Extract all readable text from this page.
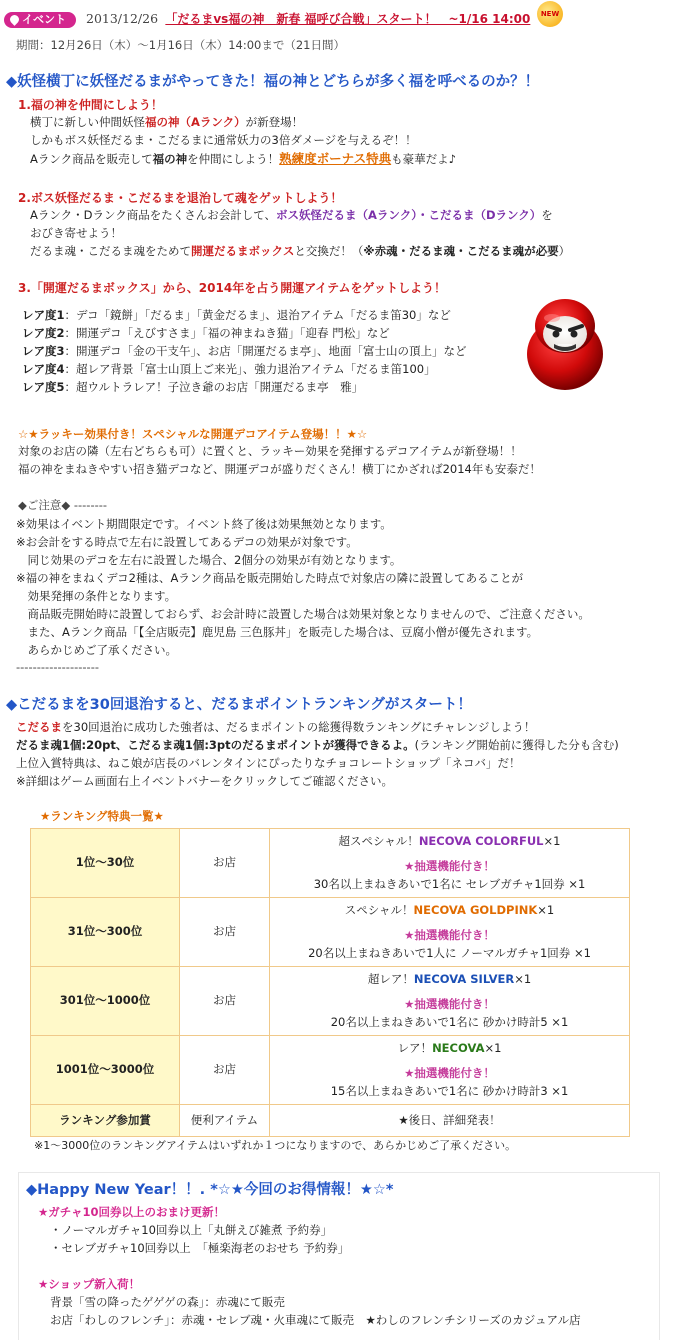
イベント	2013/12/26 「だるまvs福の神　新春 福呼び合戦」スタート！　~1/16 14:00	NEW
期間：12月26日（木）～1月16日（木）14:00まで（21日間）
◆妖怪横丁に妖怪だるまがやってきた！福の神とどちらが多く福を呼べるのか？！
1.福の神を仲間にしよう！
横丁に新しい仲間妖怪福の神（Aランク）が新登場！
しかもボス妖怪だるま・こだるまに通常妖力の3倍ダメージを与えるぞ！！
Aランク商品を販売して福の神を仲間にしよう！熟練度ボーナス特典も豪華だよ♪
2.ボス妖怪だるま・こだるまを退治して魂をゲットしよう！
Aランク・Dランク商品をたくさんお会計して、ボス妖怪だるま（Aランク）・こだるま（Dランク）を
おびき寄せよう！
だるま魂・こだるま魂をためて開運だるまボックスと交換だ！（※赤魂・だるま魂・こだるま魂が必要）
3.「開運だるまボックス」から、2014年を占う開運アイテムをゲットしよう！
レア度1：デコ「鏡餅」「だるま」「黄金だるま」、退治アイテム「だるま笛30」など
レア度2：開運デコ「えびすさま」「福の神まねき猫」「迎春 門松」など
レア度3：開運デコ「金の干支午」、お店「開運だるま亭」、地面「富士山の頂上」など
レア度4：超レア背景「富士山頂上ご来光」、強力退治アイテム「だるま笛100」
レア度5：超ウルトラレア！子泣き爺のお店「開運だるま亭　雅」
☆★ラッキー効果付き！スペシャルな開運デコアイテム登場！！★☆
対象のお店の隣（左右どちらも可）に置くと、ラッキー効果を発揮するデコアイテムが新登場！！
福の神をまねきやすい招き猫デコなど、開運デコが盛りだくさん！横丁にかざれば2014年も安泰だ！
◆ご注意◆ --------
※効果はイベント期間限定です。イベント終了後は効果無効となります。
※お会計をする時点で左右に設置してあるデコの効果が対象です。
　同じ効果のデコを左右に設置した場合、2個分の効果が有効となります。
※福の神をまねくデコ2種は、Aランク商品を販売開始した時点で対象店の隣に設置してあることが
　効果発揮の条件となります。
　商品販売開始時に設置しておらず、お会計時に設置した場合は効果対象となりませんので、ご注意ください。
　また、Aランク商品「【全店販売】鹿児島 三色豚丼」を販売した場合は、豆腐小僧が優先されます。
　あらかじめご了承ください。
--------------------
◆こだるまを30回退治すると、だるまポイントランキングがスタート！
こだるまを30回退治に成功した強者は、だるまポイントの総獲得数ランキングにチャレンジしよう！
だるま魂1個:20pt、こだるま魂1個:3ptのだるまポイントが獲得できるよ。(ランキング開始前に獲得した分も含む)
上位入賞特典は、ねこ娘が店長のバレンタインにぴったりなチョコレートショップ「ネコバ」だ！
※詳細はゲーム画面右上イベントバナーをクリックしてご確認ください。
★ランキング特典一覧★
1位～30位	お店	超スペシャル！NECOVA COLORFUL×1
★抽選機能付き！
30名以上まねきあいで1名に セレブガチャ1回券 ×1

31位～300位	お店	スペシャル！NECOVA GOLDPINK×1
★抽選機能付き！
20名以上まねきあいで1人に ノーマルガチャ1回券 ×1

301位～1000位	お店	超レア！NECOVA SILVER×1
★抽選機能付き！
20名以上まねきあいで1名に 砂かけ時計5 ×1

1001位～3000位	お店	レア！NECOVA×1
★抽選機能付き！
15名以上まねきあいで1名に 砂かけ時計3 ×1

ランキング参加賞	便利アイテム	★後日、詳細発表！
※1～3000位のランキングアイテムはいずれか１つになりますので、あらかじめご了承ください。
◆Happy New Year！！. *☆★今回のお得情報！★☆*
★ガチャ10回券以上のおまけ更新！
・ノーマルガチャ10回券以上「丸餅えび雑煮 予約券」
・セレブガチャ10回券以上　「極楽海老のおせち 予約券」
★ショップ新入荷！
背景「雪の降ったゲゲゲの森」：赤魂にて販売
お店「わしのフレンチ」：赤魂・セレブ魂・火車魂にて販売　★わしのフレンチシリーズのカジュアル店
